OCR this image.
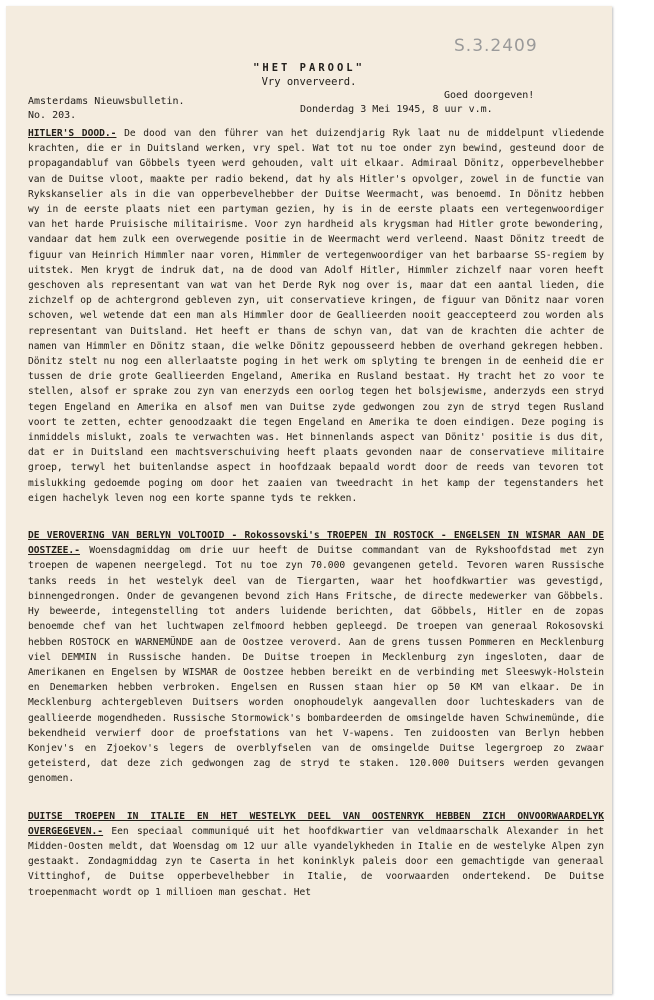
S.3.2409
"HET PAROOL"
Vry onverveerd.
Amsterdams Nieuwsbulletin.
No. 203.
Goed doorgeven!
Donderdag 3 Mei 1945, 8 uur v.m.

HITLER'S DOOD.- De dood van den führer van het duizendjarig Ryk laat nu de middelpunt vliedende krachten, die er in Duitsland werken, vry spel. Wat tot nu toe onder zyn bewind, gesteund door de propagandabluf van Göbbels tyeen werd gehouden, valt uit elkaar. Admiraal Dönitz, opperbevelhebber van de Duitse vloot, maakte per radio bekend, dat hy als Hitler's opvolger, zowel in de functie van Rykskanselier als in die van opperbevelhebber der Duitse Weermacht, was benoemd. In Dönitz hebben wy in de eerste plaats niet een partyman gezien, hy is in de eerste plaats een vertegenwoordiger van het harde Pruisische militairisme. Voor zyn hardheid als krygsman had Hitler grote bewondering, vandaar dat hem zulk een overwegende positie in de Weermacht werd verleend. Naast Dönitz treedt de figuur van Heinrich Himmler naar voren, Himmler de vertegenwoordiger van het barbaarse SS-regiem by uitstek. Men krygt de indruk dat, na de dood van Adolf Hitler, Himmler zichzelf naar voren heeft geschoven als representant van wat van het Derde Ryk nog over is, maar dat een aantal lieden, die zichzelf op de achtergrond gebleven zyn, uit conservatieve kringen, de figuur van Dönitz naar voren schoven, wel wetende dat een man als Himmler door de Geallieerden nooit geaccepteerd zou worden als representant van Duitsland. Het heeft er thans de schyn van, dat van de krachten die achter de namen van Himmler en Dönitz staan, die welke Dönitz gepousseerd hebben de overhand gekregen hebben. Dönitz stelt nu nog een allerlaatste poging in het werk om splyting te brengen in de eenheid die er tussen de drie grote Geallieerden Engeland, Amerika en Rusland bestaat. Hy tracht het zo voor te stellen, alsof er sprake zou zyn van enerzyds een oorlog tegen het bolsjewisme, anderzyds een stryd tegen Engeland en Amerika en alsof men van Duitse zyde gedwongen zou zyn de stryd tegen Rusland voort te zetten, echter genoodzaakt die tegen Engeland en Amerika te doen eindigen. Deze poging is inmiddels mislukt, zoals te verwachten was. Het binnenlands aspect van Dönitz' positie is dus dit, dat er in Duitsland een machtsverschuiving heeft plaats gevonden naar de conservatieve militaire groep, terwyl het buitenlandse aspect in hoofdzaak bepaald wordt door de reeds van tevoren tot mislukking gedoemde poging om door het zaaien van tweedracht in het kamp der tegenstanders het eigen hachelyk leven nog een korte spanne tyds te rekken.

DE VEROVERING VAN BERLYN VOLTOOID - Rokossovski's TROEPEN IN ROSTOCK - ENGELSEN IN WISMAR AAN DE OOSTZEE.- Woensdagmiddag om drie uur heeft de Duitse commandant van de Rykshoofdstad met zyn troepen de wapenen neergelegd. Tot nu toe zyn 70.000 gevangenen geteld. Tevoren waren Russische tanks reeds in het westelyk deel van de Tiergarten, waar het hoofdkwartier was gevestigd, binnengedrongen. Onder de gevangenen bevond zich Hans Fritsche, de directe medewerker van Göbbels. Hy beweerde, integenstelling tot anders luidende berichten, dat Göbbels, Hitler en de zopas benoemde chef van het luchtwapen zelfmoord hebben gepleegd. De troepen van generaal Rokosovski hebben ROSTOCK en WARNEMÜNDE aan de Oostzee veroverd. Aan de grens tussen Pommeren en Mecklenburg viel DEMMIN in Russische handen. De Duitse troepen in Mecklenburg zyn ingesloten, daar de Amerikanen en Engelsen by WISMAR de Oostzee hebben bereikt en de verbinding met Sleeswyk-Holstein en Denemarken hebben verbroken. Engelsen en Russen staan hier op 50 KM van elkaar. De in Mecklenburg achtergebleven Duitsers worden onophoudelyk aangevallen door luchteskaders van de geallieerde mogendheden. Russische Stormowick's bombardeerden de omsingelde haven Schwinemünde, die bekendheid verwierf door de proefstations van het V-wapens. Ten zuidoosten van Berlyn hebben Konjev's en Zjoekov's legers de overblyfselen van de omsingelde Duitse legergroep zo zwaar geteisterd, dat deze zich gedwongen zag de stryd te staken. 120.000 Duitsers werden gevangen genomen.

DUITSE TROEPEN IN ITALIE EN HET WESTELYK DEEL VAN OOSTENRYK HEBBEN ZICH ONVOORWAARDELYK OVERGEGEVEN.- Een speciaal communiqué uit het hoofdkwartier van veldmaarschalk Alexander in het Midden-Oosten meldt, dat Woensdag om 12 uur alle vyandelykheden in Italie en de westelyke Alpen zyn gestaakt. Zondagmiddag zyn te Caserta in het koninklyk paleis door een gemachtigde van generaal Vittinghof, de Duitse opperbevelhebber in Italie, de voorwaarden ondertekend. De Duitse troepenmacht wordt op 1 millioen man geschat. Het
